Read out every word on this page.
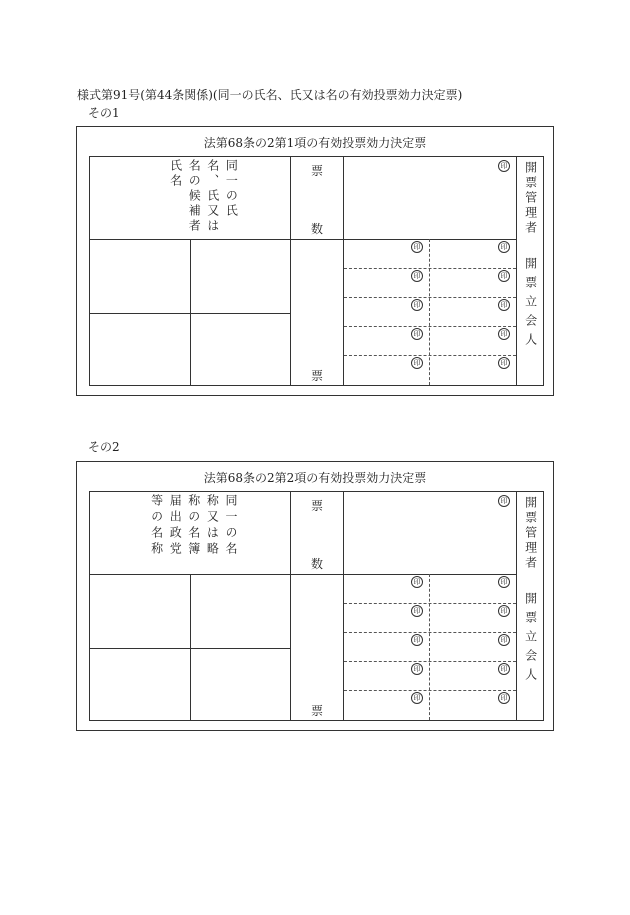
様式第91号(第44条関係)(同一の氏名、氏又は名の有効投票効力決定票)
その1
法第68条の2第1項の有効投票効力決定票
同一の氏名、氏又は名の候補者氏名	票
数
票
開票管理者
開票立会人
印
印	印
印	印
印	印
印	印
印	印
その2
法第68条の2第2項の有効投票効力決定票
同一の名称又は略称の名簿届出政党等の名称	票
数
票
開票管理者
開票立会人
印
印	印
印	印
印	印
印	印
印	印
